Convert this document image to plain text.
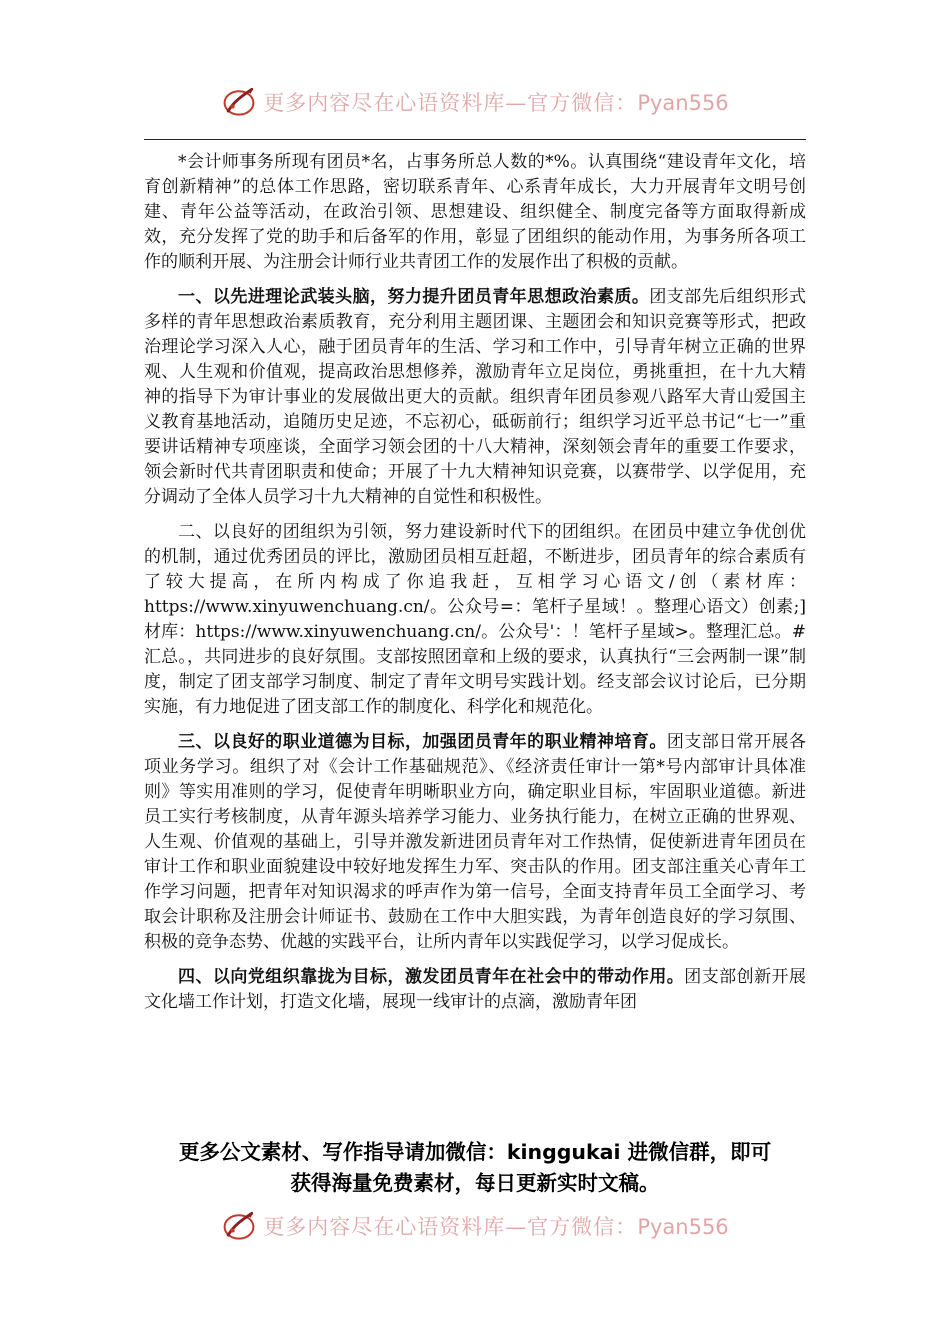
更多内容尽在心语资料库—官方微信：Pyan556

*会计师事务所现有团员*名，占事务所总人数的*%。认真围绕“建设青年文化，培育创新精神”的总体工作思路，密切联系青年、心系青年成长，大力开展青年文明号创建、青年公益等活动，在政治引领、思想建设、组织健全、制度完备等方面取得新成效，充分发挥了党的助手和后备军的作用，彰显了团组织的能动作用，为事务所各项工作的顺利开展、为注册会计师行业共青团工作的发展作出了积极的贡献。

一、以先进理论武装头脑，努力提升团员青年思想政治素质。团支部先后组织形式多样的青年思想政治素质教育，充分利用主题团课、主题团会和知识竞赛等形式，把政治理论学习深入人心，融于团员青年的生活、学习和工作中，引导青年树立正确的世界观、人生观和价值观，提高政治思想修养，激励青年立足岗位，勇挑重担，在十九大精神的指导下为审计事业的发展做出更大的贡献。组织青年团员参观八路军大青山爱国主义教育基地活动，追随历史足迹，不忘初心，砥砺前行；组织学习近平总书记“七一”重要讲话精神专项座谈，全面学习领会团的十八大精神，深刻领会青年的重要工作要求，领会新时代共青团职责和使命；开展了十九大精神知识竞赛，以赛带学、以学促用，充分调动了全体人员学习十九大精神的自觉性和积极性。

二、以良好的团组织为引领，努力建设新时代下的团组织。在团员中建立争优创优的机制，通过优秀团员的评比，激励团员相互赶超，不断进步，团员青年的综合素质有了较大提高，在所内构成了你追我赶，互相学习心语文/创（素材库：https://www.xinyuwenchuang.cn/。公众号=：笔杆子星域！。整理心语文）创素;]材库：https://www.xinyuwenchuang.cn/。公众号'：！笔杆子星域>。整理汇总。#汇总。，共同进步的良好氛围。支部按照团章和上级的要求，认真执行“三会两制一课”制度，制定了团支部学习制度、制定了青年文明号实践计划。经支部会议讨论后，已分期实施，有力地促进了团支部工作的制度化、科学化和规范化。

三、以良好的职业道德为目标，加强团员青年的职业精神培育。团支部日常开展各项业务学习。组织了对《会计工作基础规范》、《经济责任审计一第*号内部审计具体准则》等实用准则的学习，促使青年明晰职业方向，确定职业目标，牢固职业道德。新进员工实行考核制度，从青年源头培养学习能力、业务执行能力，在树立正确的世界观、人生观、价值观的基础上，引导并激发新进团员青年对工作热情，促使新进青年团员在审计工作和职业面貌建设中较好地发挥生力军、突击队的作用。团支部注重关心青年工作学习问题，把青年对知识渴求的呼声作为第一信号，全面支持青年员工全面学习、考取会计职称及注册会计师证书、鼓励在工作中大胆实践，为青年创造良好的学习氛围、积极的竞争态势、优越的实践平台，让所内青年以实践促学习，以学习促成长。

四、以向党组织靠拢为目标，激发团员青年在社会中的带动作用。团支部创新开展文化墙工作计划，打造文化墙，展现一线审计的点滴，激励青年团

更多公文素材、写作指导请加微信：kinggukai 进微信群，即可
获得海量免费素材，每日更新实时文稿。
更多内容尽在心语资料库—官方微信：Pyan556
